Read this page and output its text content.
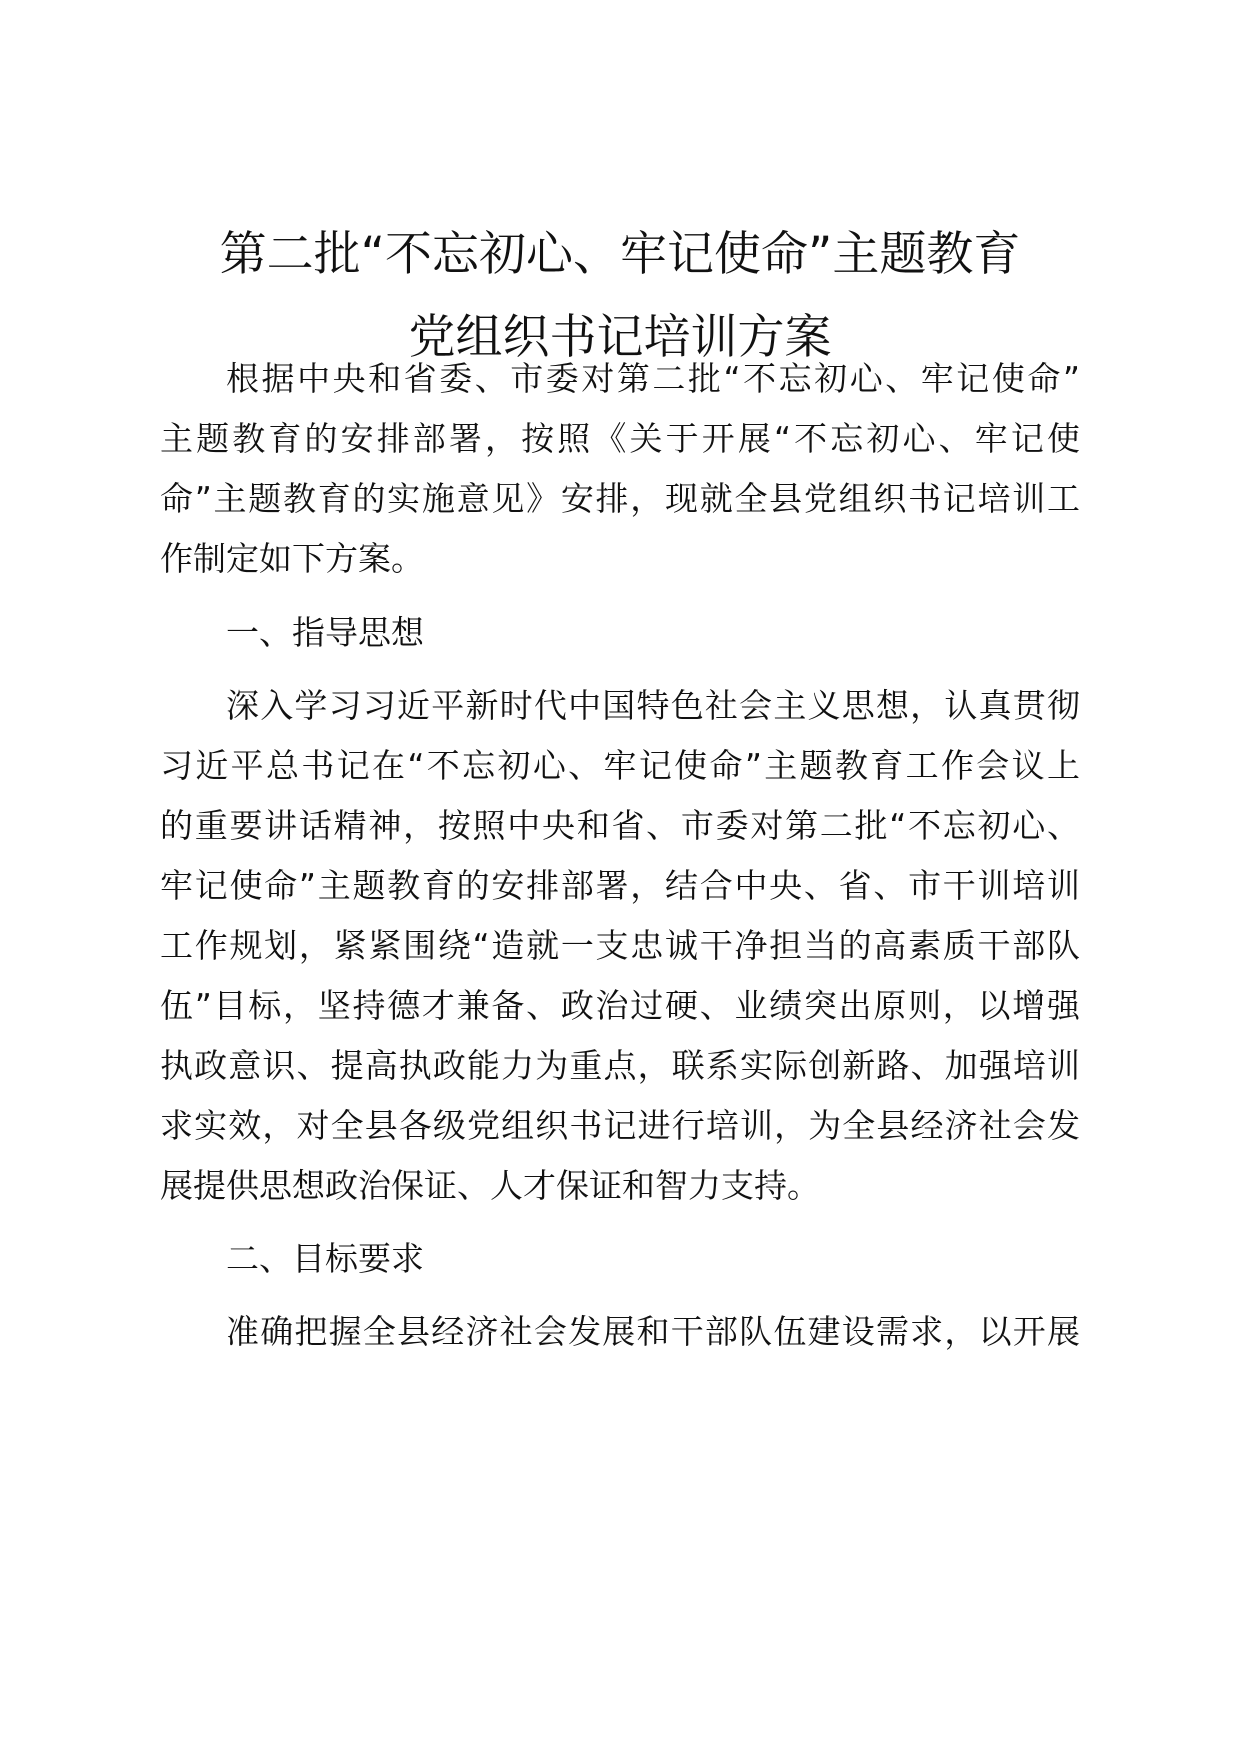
第二批“不忘初心、牢记使命”主题教育
党组织书记培训方案

根据中央和省委、市委对第二批“不忘初心、牢记使命”

主题教育的安排部署，按照《关于开展“不忘初心、牢记使

命”主题教育的实施意见》安排，现就全县党组织书记培训工

作制定如下方案。

一、指导思想

深入学习习近平新时代中国特色社会主义思想，认真贯彻

习近平总书记在“不忘初心、牢记使命”主题教育工作会议上

的重要讲话精神，按照中央和省、市委对第二批“不忘初心、

牢记使命”主题教育的安排部署，结合中央、省、市干训培训

工作规划，紧紧围绕“造就一支忠诚干净担当的高素质干部队

伍”目标，坚持德才兼备、政治过硬、业绩突出原则，以增强

执政意识、提高执政能力为重点，联系实际创新路、加强培训

求实效，对全县各级党组织书记进行培训，为全县经济社会发

展提供思想政治保证、人才保证和智力支持。

二、目标要求

准确把握全县经济社会发展和干部队伍建设需求，以开展
